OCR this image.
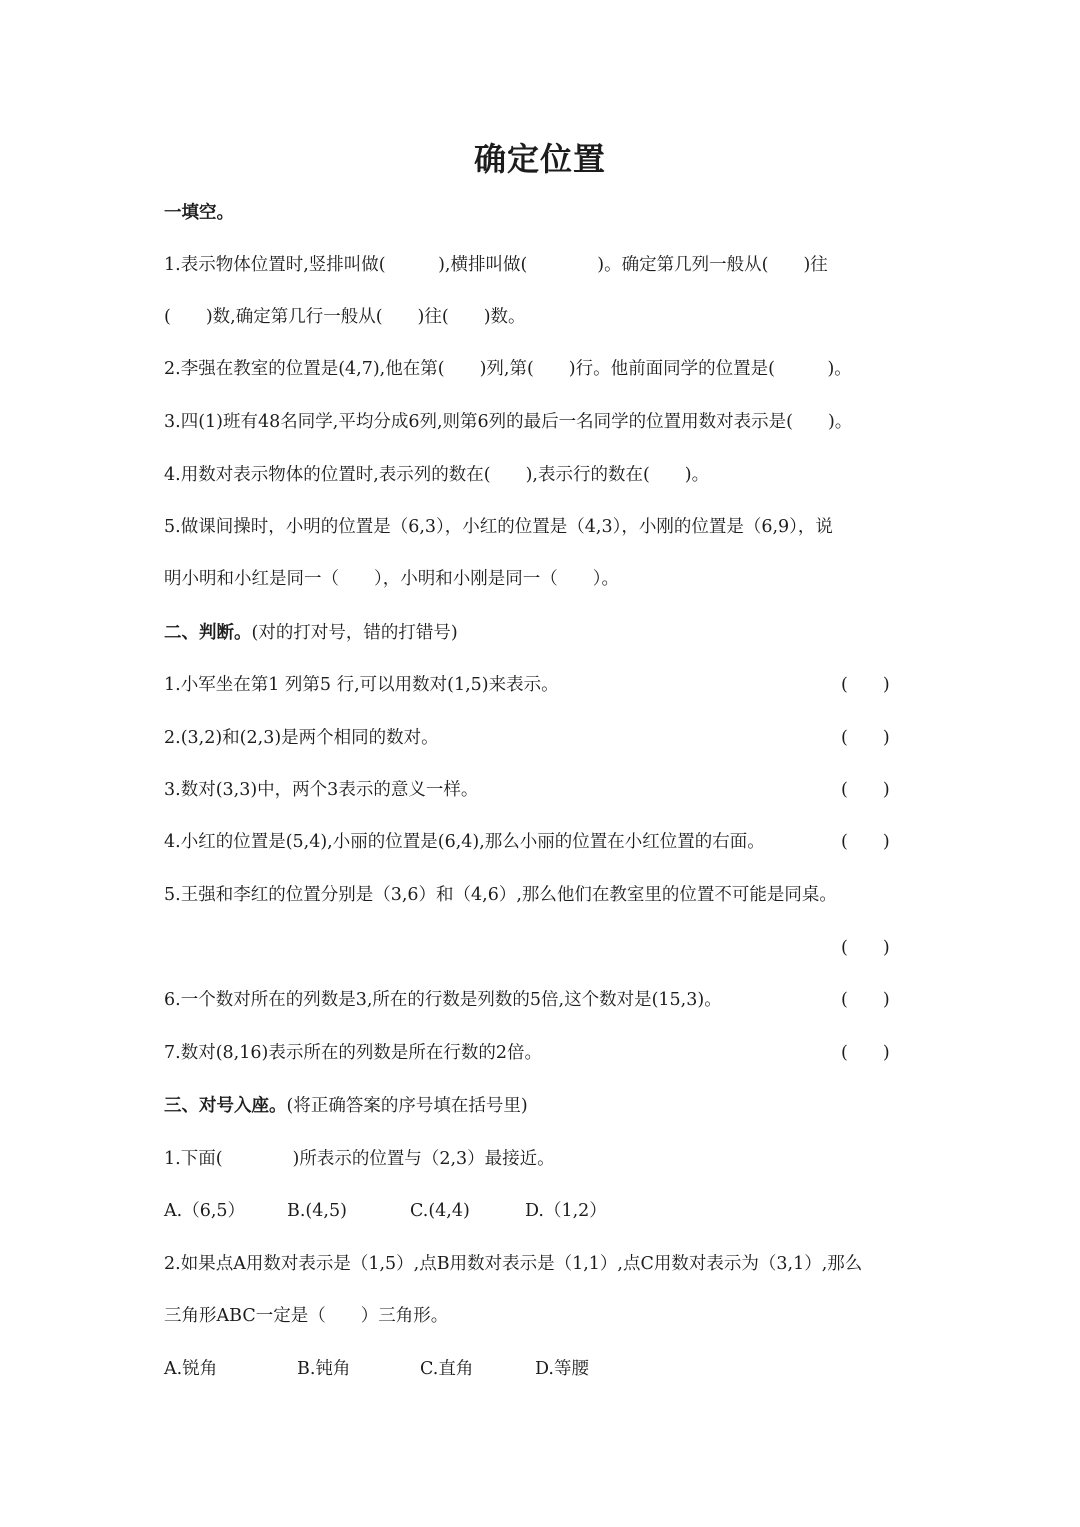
确定位置
一填空。
1.表示物体位置时,竖排叫做(　　　),横排叫做(　　　　)。确定第几列一般从(　　)往
(　　)数,确定第几行一般从(　　)往(　　)数。
2.李强在教室的位置是(4,7),他在第(　　)列,第(　　)行。他前面同学的位置是(　　　)。
3.四(1)班有48名同学,平均分成6列,则第6列的最后一名同学的位置用数对表示是(　　)。
4.用数对表示物体的位置时,表示列的数在(　　),表示行的数在(　　)。
5.做课间操时，小明的位置是（6,3），小红的位置是（4,3），小刚的位置是（6,9），说
明小明和小红是同一（　　），小明和小刚是同一（　　）。
二、判断。(对的打对号，错的打错号)
1.小军坐在第1 列第5 行,可以用数对(1,5)来表示。	(　　)
2.(3,2)和(2,3)是两个相同的数对。	(　　)
3.数对(3,3)中，两个3表示的意义一样。	(　　)
4.小红的位置是(5,4),小丽的位置是(6,4),那么小丽的位置在小红位置的右面。	(　　)
5.王强和李红的位置分别是（3,6）和（4,6）,那么他们在教室里的位置不可能是同桌。
(　　)
6.一个数对所在的列数是3,所在的行数是列数的5倍,这个数对是(15,3)。	(　　)
7.数对(8,16)表示所在的列数是所在行数的2倍。	(　　)
三、对号入座。(将正确答案的序号填在括号里)
1.下面(　　　　)所表示的位置与（2,3）最接近。
A.（6,5） B.(4,5)	C.(4,4)	D.（1,2）
2.如果点A用数对表示是（1,5）,点B用数对表示是（1,1）,点C用数对表示为（3,1）,那么
三角形ABC一定是（　　）三角形。
A.锐角	B.钝角	C.直角	D.等腰
